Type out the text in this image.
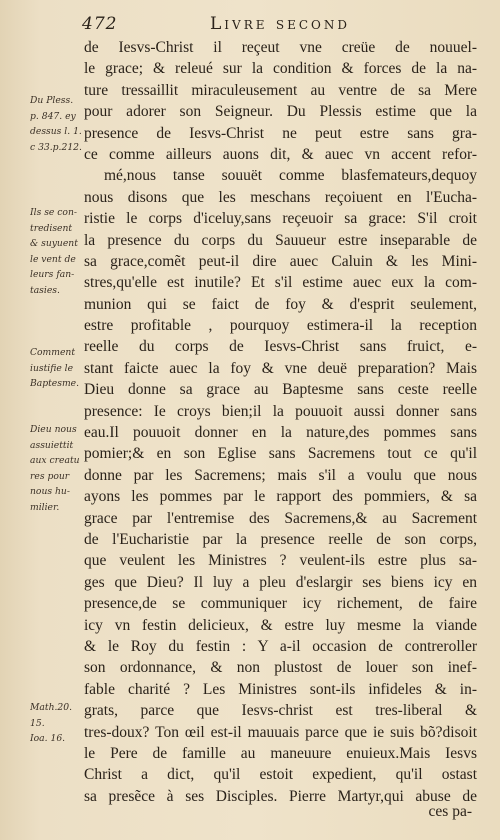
472	Livre second
Du Pless.
p. 847. ey
dessus l. 1.
c 33.p.212.
Ils se con-
tredisent
& suyuent
le vent de
leurs fan-
tasies.
Comment
iustifie le
Baptesme.
Dieu nous
assuiettit
aux creatu
res pour
nous hu-
milier.
Math.20.
15.
Ioa. 16.
de Iesvs-Christ il reçeut vne creüe de nouuel-
le grace; & releué sur la condition & forces de la na-
ture tressaillit miraculeusement au ventre de sa Mere
pour adorer son Seigneur. Du Plessis estime que la
presence de Iesvs-Christ ne peut estre sans gra-
ce comme ailleurs auons dit, & auec vn accent refor-
mé,nous tanse souuët comme blasfemateurs,dequoy
nous disons que les meschans reçoiuent en l'Eucha-
ristie le corps d'iceluy,sans reçeuoir sa grace: S'il croit
la presence du corps du Sauueur estre inseparable de
sa grace,comẽt peut-il dire auec Caluin & les Mini-
stres,qu'elle est inutile? Et s'il estime auec eux la com-
munion qui se faict de foy & d'esprit seulement,
estre profitable , pourquoy estimera-il la reception
reelle du corps de Iesvs-Christ sans fruict, e-
stant faicte auec la foy & vne deuë preparation? Mais
Dieu donne sa grace au Baptesme sans ceste reelle
presence: Ie croys bien;il la pouuoit aussi donner sans
eau.Il pouuoit donner en la nature,des pommes sans
pomier;& en son Eglise sans Sacremens tout ce qu'il
donne par les Sacremens; mais s'il a voulu que nous
ayons les pommes par le rapport des pommiers, & sa
grace par l'entremise des Sacremens,& au Sacrement
de l'Eucharistie par la presence reelle de son corps,
que veulent les Ministres ? veulent-ils estre plus sa-
ges que Dieu? Il luy a pleu d'eslargir ses biens icy en
presence,de se communiquer icy richement, de faire
icy vn festin delicieux, & estre luy mesme la viande
& le Roy du festin : Y a-il occasion de contreroller
son ordonnance, & non plustost de louer son inef-
fable charité ? Les Ministres sont-ils infideles & in-
grats, parce que Iesvs-christ est tres-liberal &
tres-doux? Ton œil est-il mauuais parce que ie suis bõ?disoit
le Pere de famille au maneuure enuieux.Mais Iesvs
Christ a dict, qu'il estoit expedient, qu'il ostast
sa presẽce à ses Disciples. Pierre Martyr,qui abuse de
ces pa-
